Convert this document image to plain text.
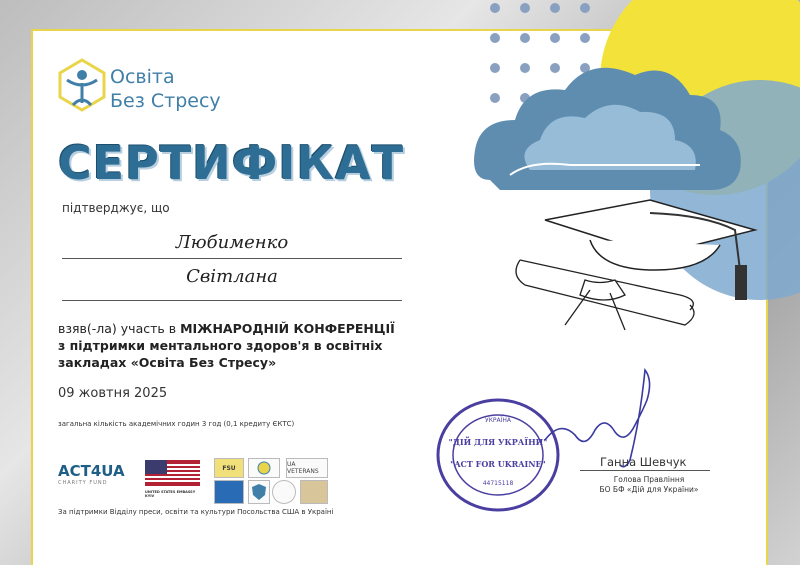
Освіта
Без Стресу
СЕРТИФІКАТ
підтверджує, що
Любименко
Світлана
взяв(-ла) участь в МІЖНАРОДНІЙ КОНФЕРЕНЦІЇ
з підтримки ментального здоров'я в освітніх
закладах «Освіта Без Стресу»
09 жовтня 2025
загальна кількість академічних годин 3 год (0,1 кредиту ЄКТС)
ACT4UA
CHARITY FUND
UNITED STATES EMBASSY KYIV
FSU	UA VETERANS
За підтримки Відділу преси, освіти та культури Посольства США в Україні
"ДІЙ ДЛЯ УКРАЇНИ"
"ACT FOR UKRAINE"
44715118
УКРАЇНА
Ганна Шевчук
Голова Правління
БО БФ «Дій для України»
